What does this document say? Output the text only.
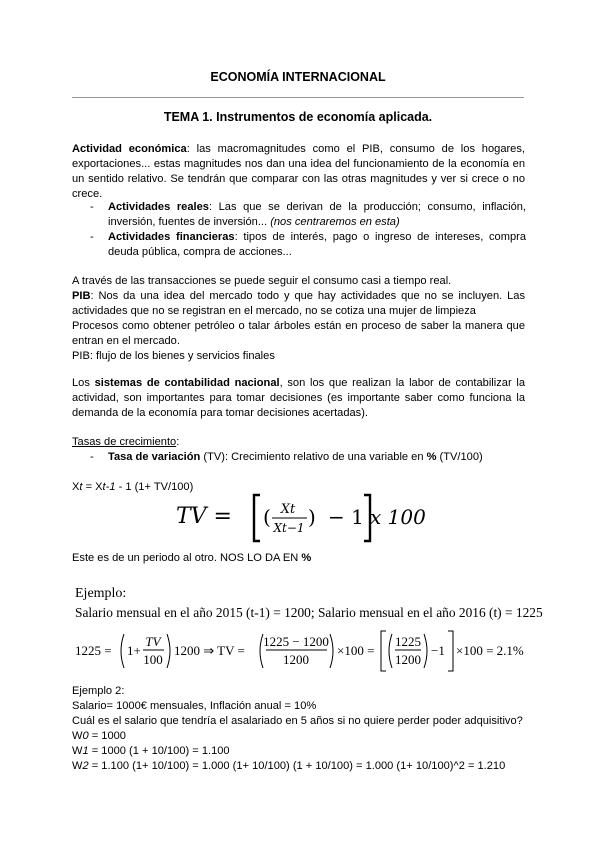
ECONOMÍA INTERNACIONAL
TEMA 1. Instrumentos de economía aplicada.
Actividad económica: las macromagnitudes como el PIB, consumo de los hogares, exportaciones... estas magnitudes nos dan una idea del funcionamiento de la economía en un sentido relativo. Se tendrán que comparar con las otras magnitudes y ver si crece o no crece.
-	Actividades reales: Las que se derivan de la producción; consumo, inflación, inversión, fuentes de inversión... (nos centraremos en esta)
-	Actividades financieras: tipos de interés, pago o ingreso de intereses, compra deuda pública, compra de acciones...

A través de las transacciones se puede seguir el consumo casi a tiempo real.

PIB: Nos da una idea del mercado todo y que hay actividades que no se incluyen. Las actividades que no se registran en el mercado, no se cotiza una mujer de limpieza

Procesos como obtener petróleo o talar árboles están en proceso de saber la manera que entran en el mercado.

PIB: flujo de los bienes y servicios finales

Los sistemas de contabilidad nacional, son los que realizan la labor de contabilizar la actividad, son importantes para tomar decisiones (es importante saber como funciona la demanda de la economía para tomar decisiones acertadas).
Tasas de crecimiento:
-	Tasa de variación (TV): Crecimiento relativo de una variable en % (TV/100)
Xt = Xt-1 - 1 (1+ TV/100)
TV = ( Xt
Xt−1 ) − 1 x 100
Este es de un periodo al otro. NOS LO DA EN %
Ejemplo:
Salario mensual en el año 2015 (t-1) = 1200; Salario mensual en el año 2016 (t) = 1225
1225 = 1+
TV
100
1200 ⇒ TV =
1225 − 1200
1200
×100 =
1225
1200
−1 ×100 = 2.1%

Ejemplo 2:

Salario= 1000€ mensuales, Inflación anual = 10%

Cuál es el salario que tendría el asalariado en 5 años si no quiere perder poder adquisitivo?

W0 = 1000

W1 = 1000 (1 + 10/100) = 1.100

W2 = 1.100 (1+ 10/100) = 1.000 (1+ 10/100) (1 + 10/100) = 1.000 (1+ 10/100)^2 = 1.210
